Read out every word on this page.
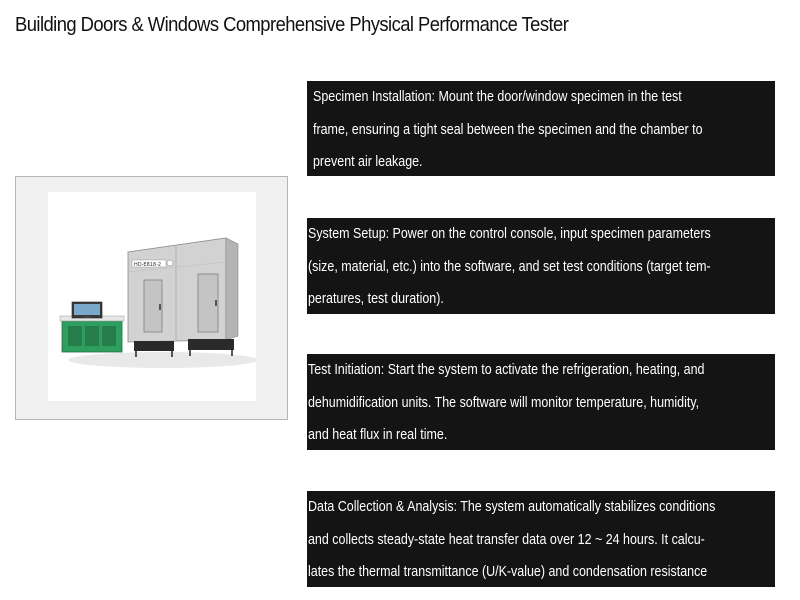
Building Doors & Windows Comprehensive Physical Performance Tester
HD-E818-2
Specimen Installation: Mount the door/window specimen in the test
frame, ensuring a tight seal between the specimen and the chamber to
prevent air leakage.
System Setup: Power on the control console, input specimen parameters
(size, material, etc.) into the software, and set test conditions (target tem-
peratures, test duration).
Test Initiation: Start the system to activate the refrigeration, heating, and
dehumidification units. The software will monitor temperature, humidity,
and heat flux in real time.
Data Collection & Analysis: The system automatically stabilizes conditions
and collects steady-state heat transfer data over 12 ~ 24 hours. It calcu-
lates the thermal transmittance (U/K-value) and condensation resistance
